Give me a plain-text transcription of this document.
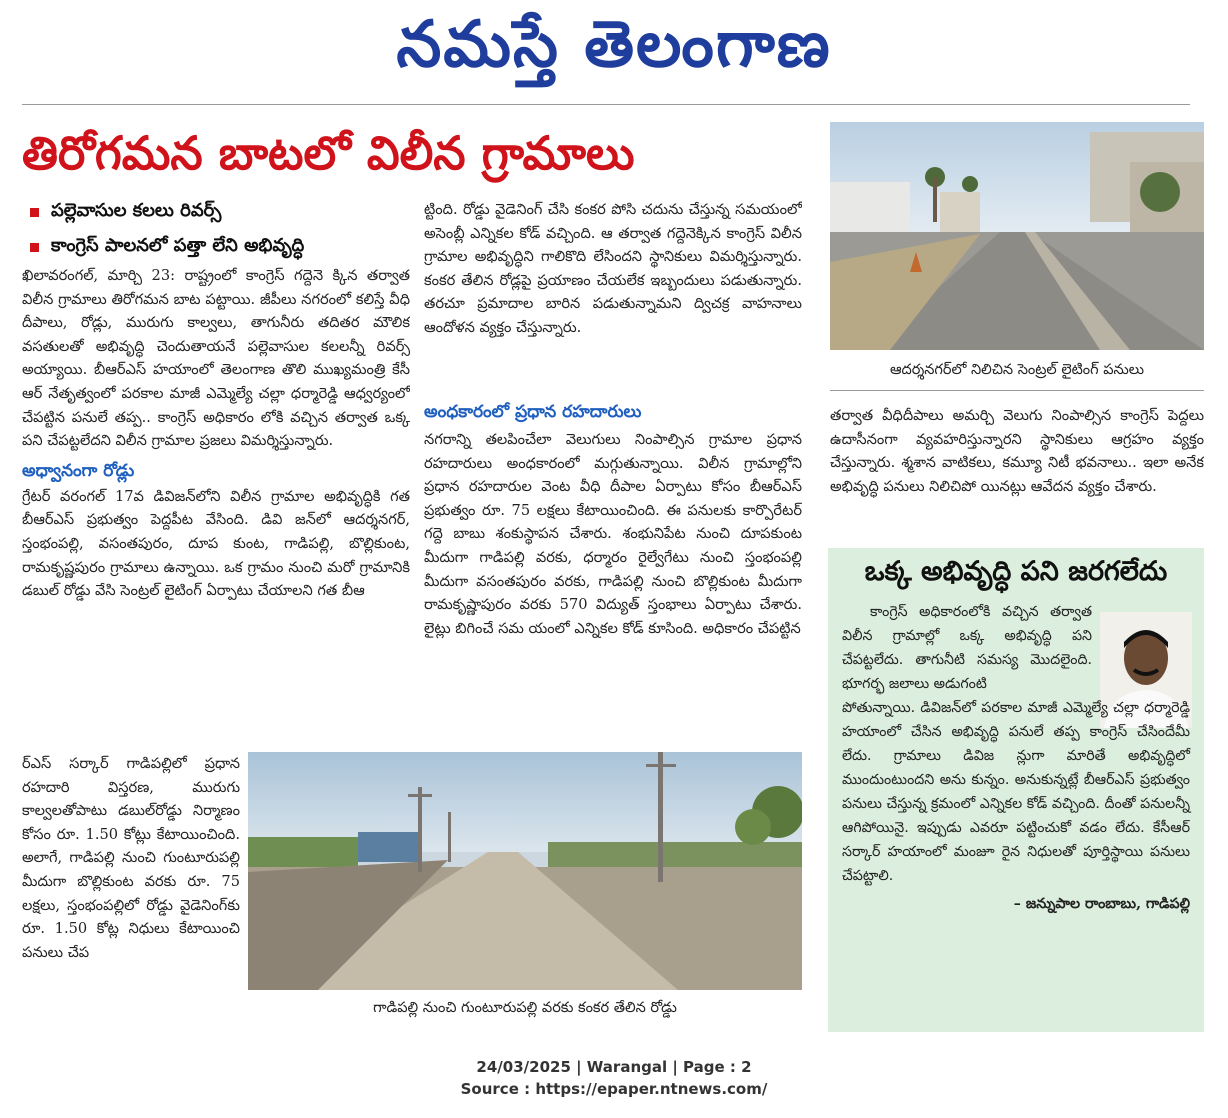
నమస్తే తెలంగాణ
తిరోగమన బాటలో విలీన గ్రామాలు
పల్లెవాసుల కలలు రివర్స్
కాంగ్రెస్ పాలనలో పత్తా లేని అభివృద్ధి

ఖిలావరంగల్, మార్చి 23: రాష్ట్రంలో కాంగ్రెస్ గద్దెనె క్కిన తర్వాత విలీన గ్రామాలు తిరోగమన బాట పట్టాయి. జీపీలు నగరంలో కలిస్తే వీధి దీపాలు, రోడ్లు, మురుగు కాల్వలు, తాగునీరు తదితర మౌలిక వసతులతో అభివృద్ధి చెందుతాయనే పల్లెవాసుల కలలన్నీ రివర్స్ అయ్యాయి. బీఆర్ఎస్ హయాంలో తెలంగాణ తొలి ముఖ్యమంత్రి కేసీ ఆర్ నేతృత్వంలో పరకాల మాజీ ఎమ్మెల్యే చల్లా ధర్మారెడ్డి ఆధ్వర్యంలో చేపట్టిన పనులే తప్ప.. కాంగ్రెస్ అధికారం లోకి వచ్చిన తర్వాత ఒక్క పని చేపట్టలేదని విలీన గ్రామాల ప్రజలు విమర్శిస్తున్నారు.

అధ్వానంగా రోడ్లు

గ్రేటర్ వరంగల్ 17వ డివిజన్‌లోని విలీన గ్రామాల అభివృద్ధికి గత బీఆర్ఎస్ ప్రభుత్వం పెద్దపీట వేసింది. డివి జన్‌లో ఆదర్శనగర్, స్తంభంపల్లి, వసంతపురం, దూప కుంట, గాడిపల్లి, బొల్లికుంట, రామకృష్ణపురం గ్రామాలు ఉన్నాయి. ఒక గ్రామం నుంచి మరో గ్రామానికి డబుల్ రోడ్డు వేసి సెంట్రల్ లైటింగ్ ఏర్పాటు చేయాలని గత బీఆ

ర్ఎస్ సర్కార్ గాడిపల్లిలో ప్రధాన రహదారి విస్తరణ, మురుగు కాల్వలతోపాటు డబుల్‌రోడ్డు నిర్మాణం కోసం రూ. 1.50 కోట్లు కేటాయించింది. అలాగే, గాడిపల్లి నుంచి గుంటూరుపల్లి మీదుగా బొల్లికుంట వరకు రూ. 75 లక్షలు, స్తంభంపల్లిలో రోడ్డు వైడెనింగ్‌కు రూ. 1.50 కోట్ల నిధులు కేటాయించి పనులు చేప

ట్టింది. రోడ్డు వైడెనింగ్ చేసి కంకర పోసి చదును చేస్తున్న సమయంలో అసెంబ్లీ ఎన్నికల కోడ్ వచ్చింది. ఆ తర్వాత గద్దెనెక్కిన కాంగ్రెస్ విలీన గ్రామాల అభివృద్ధిని గాలికొది లేసిందని స్థానికులు విమర్శిస్తున్నారు. కంకర తేలిన రోడ్లపై ప్రయాణం చేయలేక ఇబ్బందులు పడుతున్నారు. తరచూ ప్రమాదాల బారిన పడుతున్నామని ద్విచక్ర వాహనాలు ఆందోళన వ్యక్తం చేస్తున్నారు.

అంధకారంలో ప్రధాన రహదారులు

నగరాన్ని తలపించేలా వెలుగులు నింపాల్సిన గ్రామాల ప్రధాన రహదారులు అంధకారంలో మగ్గుతున్నాయి. విలీన గ్రామాల్లోని ప్రధాన రహదారుల వెంట వీధి దీపాల ఏర్పాటు కోసం బీఆర్ఎస్ ప్రభుత్వం రూ. 75 లక్షలు కేటాయించింది. ఈ పనులకు కార్పొరేటర్ గద్దె బాబు శంకుస్థాపన చేశారు. శంభునిపేట నుంచి దూపకుంట మీదుగా గాడిపల్లి వరకు, ధర్మారం రైల్వేగేటు నుంచి స్తంభంపల్లి మీదుగా వసంతపురం వరకు, గాడిపల్లి నుంచి బొల్లికుంట మీదుగా రామకృష్ణాపురం వరకు 570 విద్యుత్ స్తంభాలు ఏర్పాటు చేశారు. లైట్లు బిగించే సమ యంలో ఎన్నికల కోడ్ కూసింది. అధికారం చేపట్టిన

ఆదర్శనగర్‌లో నిలిచిన సెంట్రల్ లైటింగ్ పనులు

తర్వాత వీధిదీపాలు అమర్చి వెలుగు నింపాల్సిన కాంగ్రెస్ పెద్దలు ఉదాసీనంగా వ్యవహరిస్తున్నారని స్థానికులు ఆగ్రహం వ్యక్తం చేస్తున్నారు. శ్మశాన వాటికలు, కమ్యూ నిటీ భవనాలు.. ఇలా అనేక అభివృద్ధి పనులు నిలిచిపో యినట్లు ఆవేదన వ్యక్తం చేశారు.

గాడిపల్లి నుంచి గుంటూరుపల్లి వరకు కంకర తేలిన రోడ్డు
ఒక్క అభివృద్ధి పని జరగలేదు

కాంగ్రెస్ అధికారంలోకి వచ్చిన తర్వాత విలీన గ్రామాల్లో ఒక్క అభివృద్ధి పని చేపట్టలేదు. తాగునీటి సమస్య మొదలైంది. భూగర్భ జలాలు అడుగంటి

పోతున్నాయి. డివిజన్‌లో పరకాల మాజీ ఎమ్మెల్యే చల్లా ధర్మారెడ్డి హయాంలో చేసిన అభివృద్ధి పనులే తప్ప కాంగ్రెస్ చేసిందేమీ లేదు. గ్రామాలు డివిజ న్లుగా మారితే అభివృద్ధిలో ముందుంటుందని అను కున్నం. అనుకున్నట్లే బీఆర్ఎస్ ప్రభుత్వం పనులు చేస్తున్న క్రమంలో ఎన్నికల కోడ్ వచ్చింది. దీంతో పనులన్నీ ఆగిపోయినై. ఇప్పుడు ఎవరూ పట్టించుకో వడం లేదు. కేసీఆర్ సర్కార్ హయాంలో మంజూ రైన నిధులతో పూర్తిస్థాయి పనులు చేపట్టాలి.

– జన్నుపాల రాంబాబు, గాడిపల్లి
24/03/2025 | Warangal | Page : 2
Source : https://epaper.ntnews.com/
